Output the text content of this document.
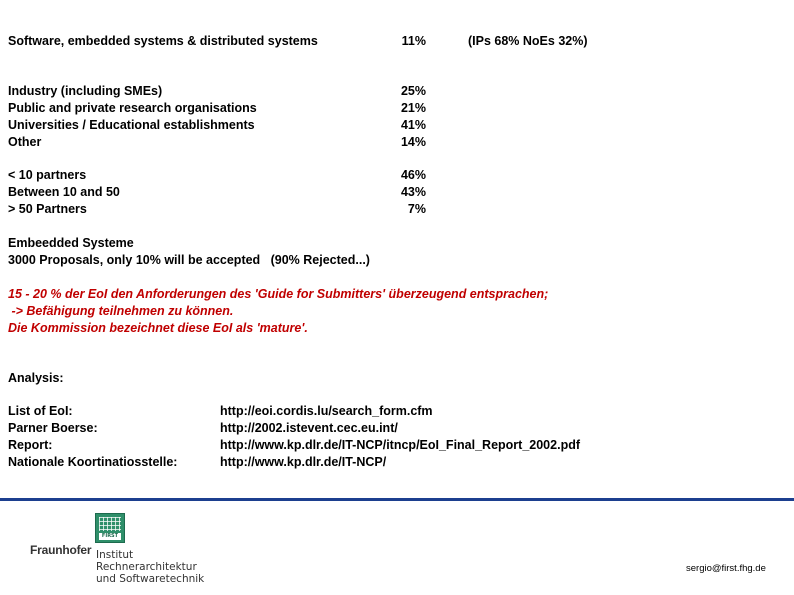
Software, embedded systems & distributed systems	11%	(IPs 68% NoEs 32%)
Industry (including SMEs)	25%
Public and private research organisations	21%
Universities / Educational establishments	41%
Other	14%
< 10 partners	46%
Between 10 and 50	43%
> 50 Partners	7%
Embeedded Systeme
3000 Proposals, only 10% will be accepted   (90% Rejected...)
15 - 20 % der EoI den Anforderungen des 'Guide for Submitters' überzeugend entsprachen;
-> Befähigung teilnehmen zu können.
Die Kommission bezeichnet diese EoI als 'mature'.
Analysis:
List of EoI:	http://eoi.cordis.lu/search_form.cfm
Parner Boerse:	http://2002.istevent.cec.eu.int/
Report:	http://www.kp.dlr.de/IT-NCP/itncp/EoI_Final_Report_2002.pdf
Nationale Koortinatiosstelle:	http://www.kp.dlr.de/IT-NCP/
FIRST
Fraunhofer Institut
Rechnerarchitektur
und Softwaretechnik
sergio@first.fhg.de
